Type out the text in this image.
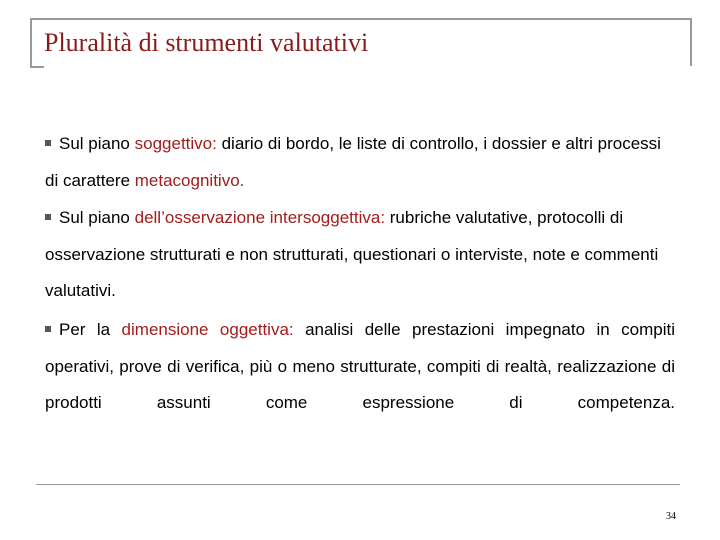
Pluralità di strumenti valutativi
Sul piano soggettivo: diario di bordo, le liste di controllo, i dossier e altri processi di carattere metacognitivo.
Sul piano dell’osservazione intersoggettiva: rubriche valutative, protocolli di osservazione strutturati e non strutturati, questionari o interviste, note e commenti valutativi.
Per la dimensione oggettiva: analisi delle prestazioni impegnato in compiti operativi, prove di verifica, più o meno strutturate, compiti di realtà, realizzazione di prodotti assunti come espressione di competenza.
34
